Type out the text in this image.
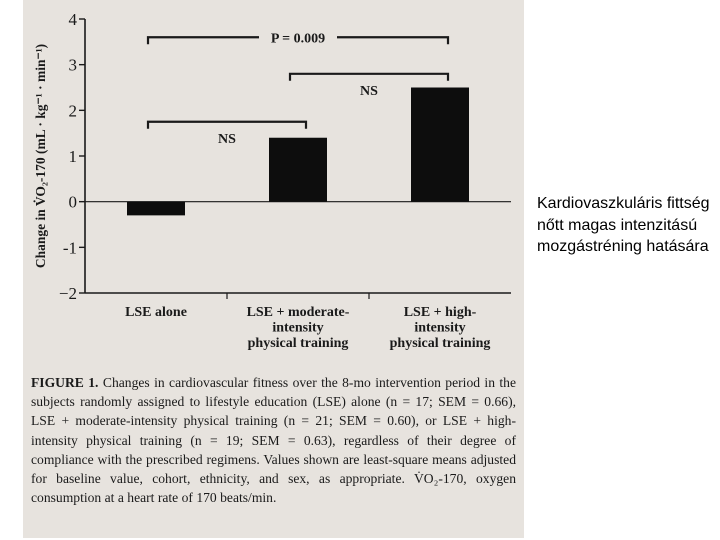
−2
-1
0
1
2
3
4
Change in V̇O₂-170 (mL · kg⁻¹ · min⁻¹)
LSE alone	LSE + moderate-
intensity
physical training
LSE + high-
intensity
physical training
P = 0.009
NS
NS
FIGURE 1. Changes in cardiovascular fitness over the 8-mo intervention period in the subjects randomly assigned to lifestyle education (LSE) alone (n = 17; SEM = 0.66), LSE + moderate-intensity physical training (n = 21; SEM = 0.60), or LSE + high-intensity physical training (n = 19; SEM = 0.63), regardless of their degree of compliance with the prescribed regimens. Values shown are least-square means adjusted for baseline value, cohort, ethnicity, and sex, as appropriate. V̇O₂-170, oxygen consumption at a heart rate of 170 beats/min.
Kardiovaszkuláris fittség nőtt magas intenzitású mozgástréning hatására
